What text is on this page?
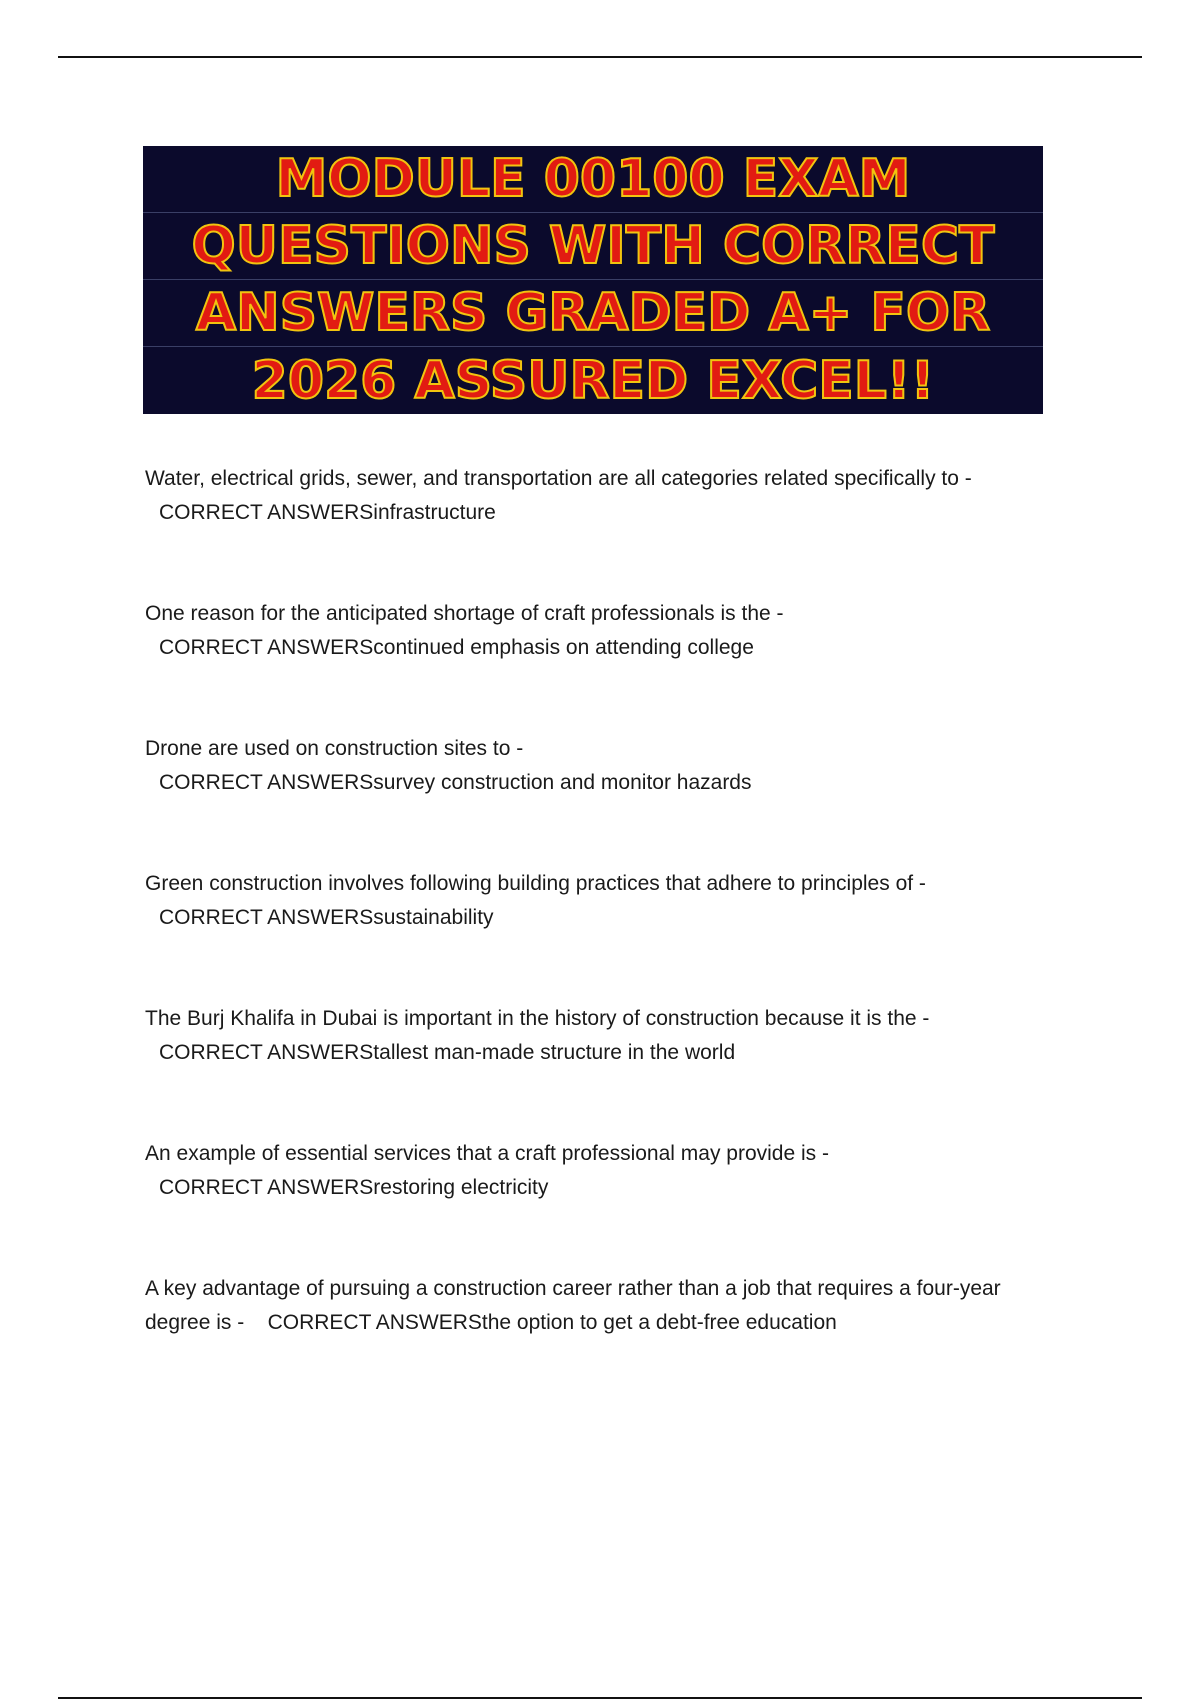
MODULE 00100 EXAM
QUESTIONS WITH CORRECT
ANSWERS GRADED A+ FOR
2026 ASSURED EXCEL!!
Water, electrical grids, sewer, and transportation are all categories related specifically to -
CORRECT ANSWERSinfrastructure
One reason for the anticipated shortage of craft professionals is the -
CORRECT ANSWERScontinued emphasis on attending college
Drone are used on construction sites to -
CORRECT ANSWERSsurvey construction and monitor hazards
Green construction involves following building practices that adhere to principles of -
CORRECT ANSWERSsustainability
The Burj Khalifa in Dubai is important in the history of construction because it is the -
CORRECT ANSWERStallest man-made structure in the world
An example of essential services that a craft professional may provide is -
CORRECT ANSWERSrestoring electricity
A key advantage of pursuing a construction career rather than a job that requires a four-year degree is - CORRECT ANSWERSthe option to get a debt-free education
